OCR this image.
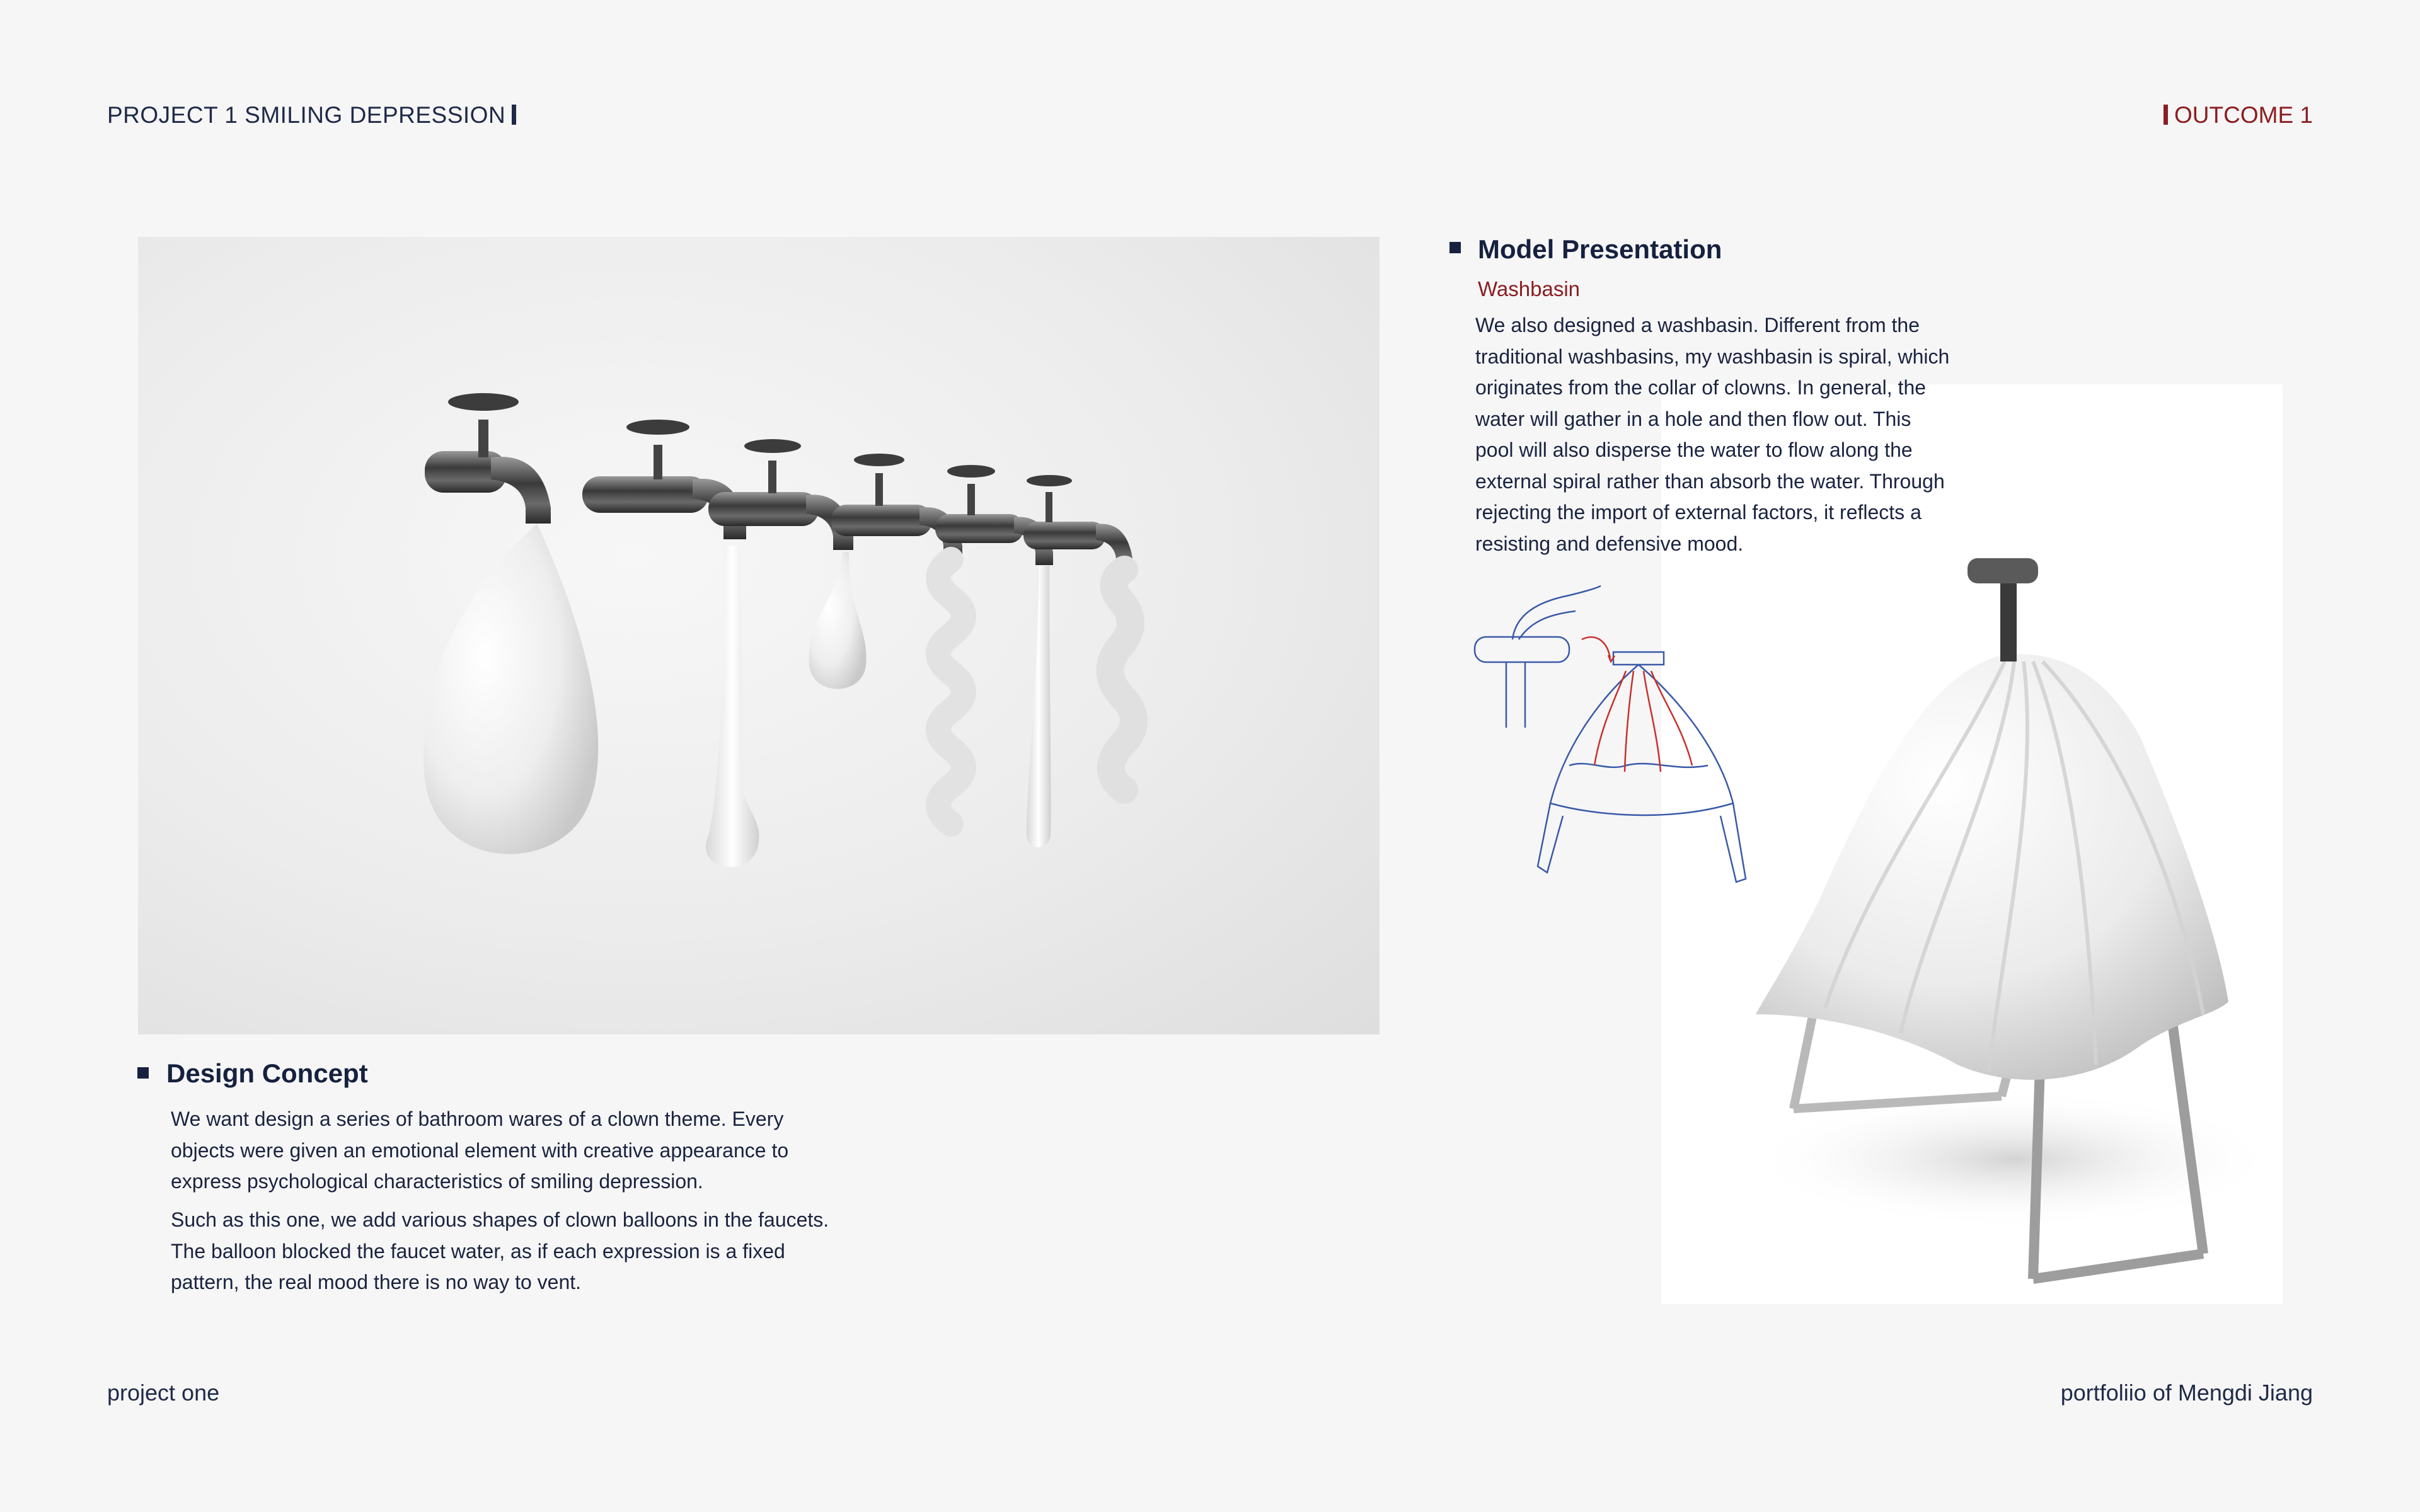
PROJECT 1 SMILING DEPRESSION	OUTCOME 1
Model Presentation
Washbasin
We also designed a washbasin. Different from the
traditional washbasins, my washbasin is spiral, which
originates from the collar of clowns. In general, the
water will gather in a hole and then flow out. This
pool will also disperse the water to flow along the
external spiral rather than absorb the water. Through
rejecting the import of external factors, it reflects a
resisting and defensive mood.
Design Concept
We want design a series of bathroom wares of a clown theme. Every
objects were given an emotional element with creative appearance to
express psychological characteristics of smiling depression.
Such as this one, we add various shapes of clown balloons in the faucets.
The balloon blocked the faucet water, as if each expression is a fixed
pattern, the real mood there is no way to vent.
project one	portfoliio of Mengdi Jiang
